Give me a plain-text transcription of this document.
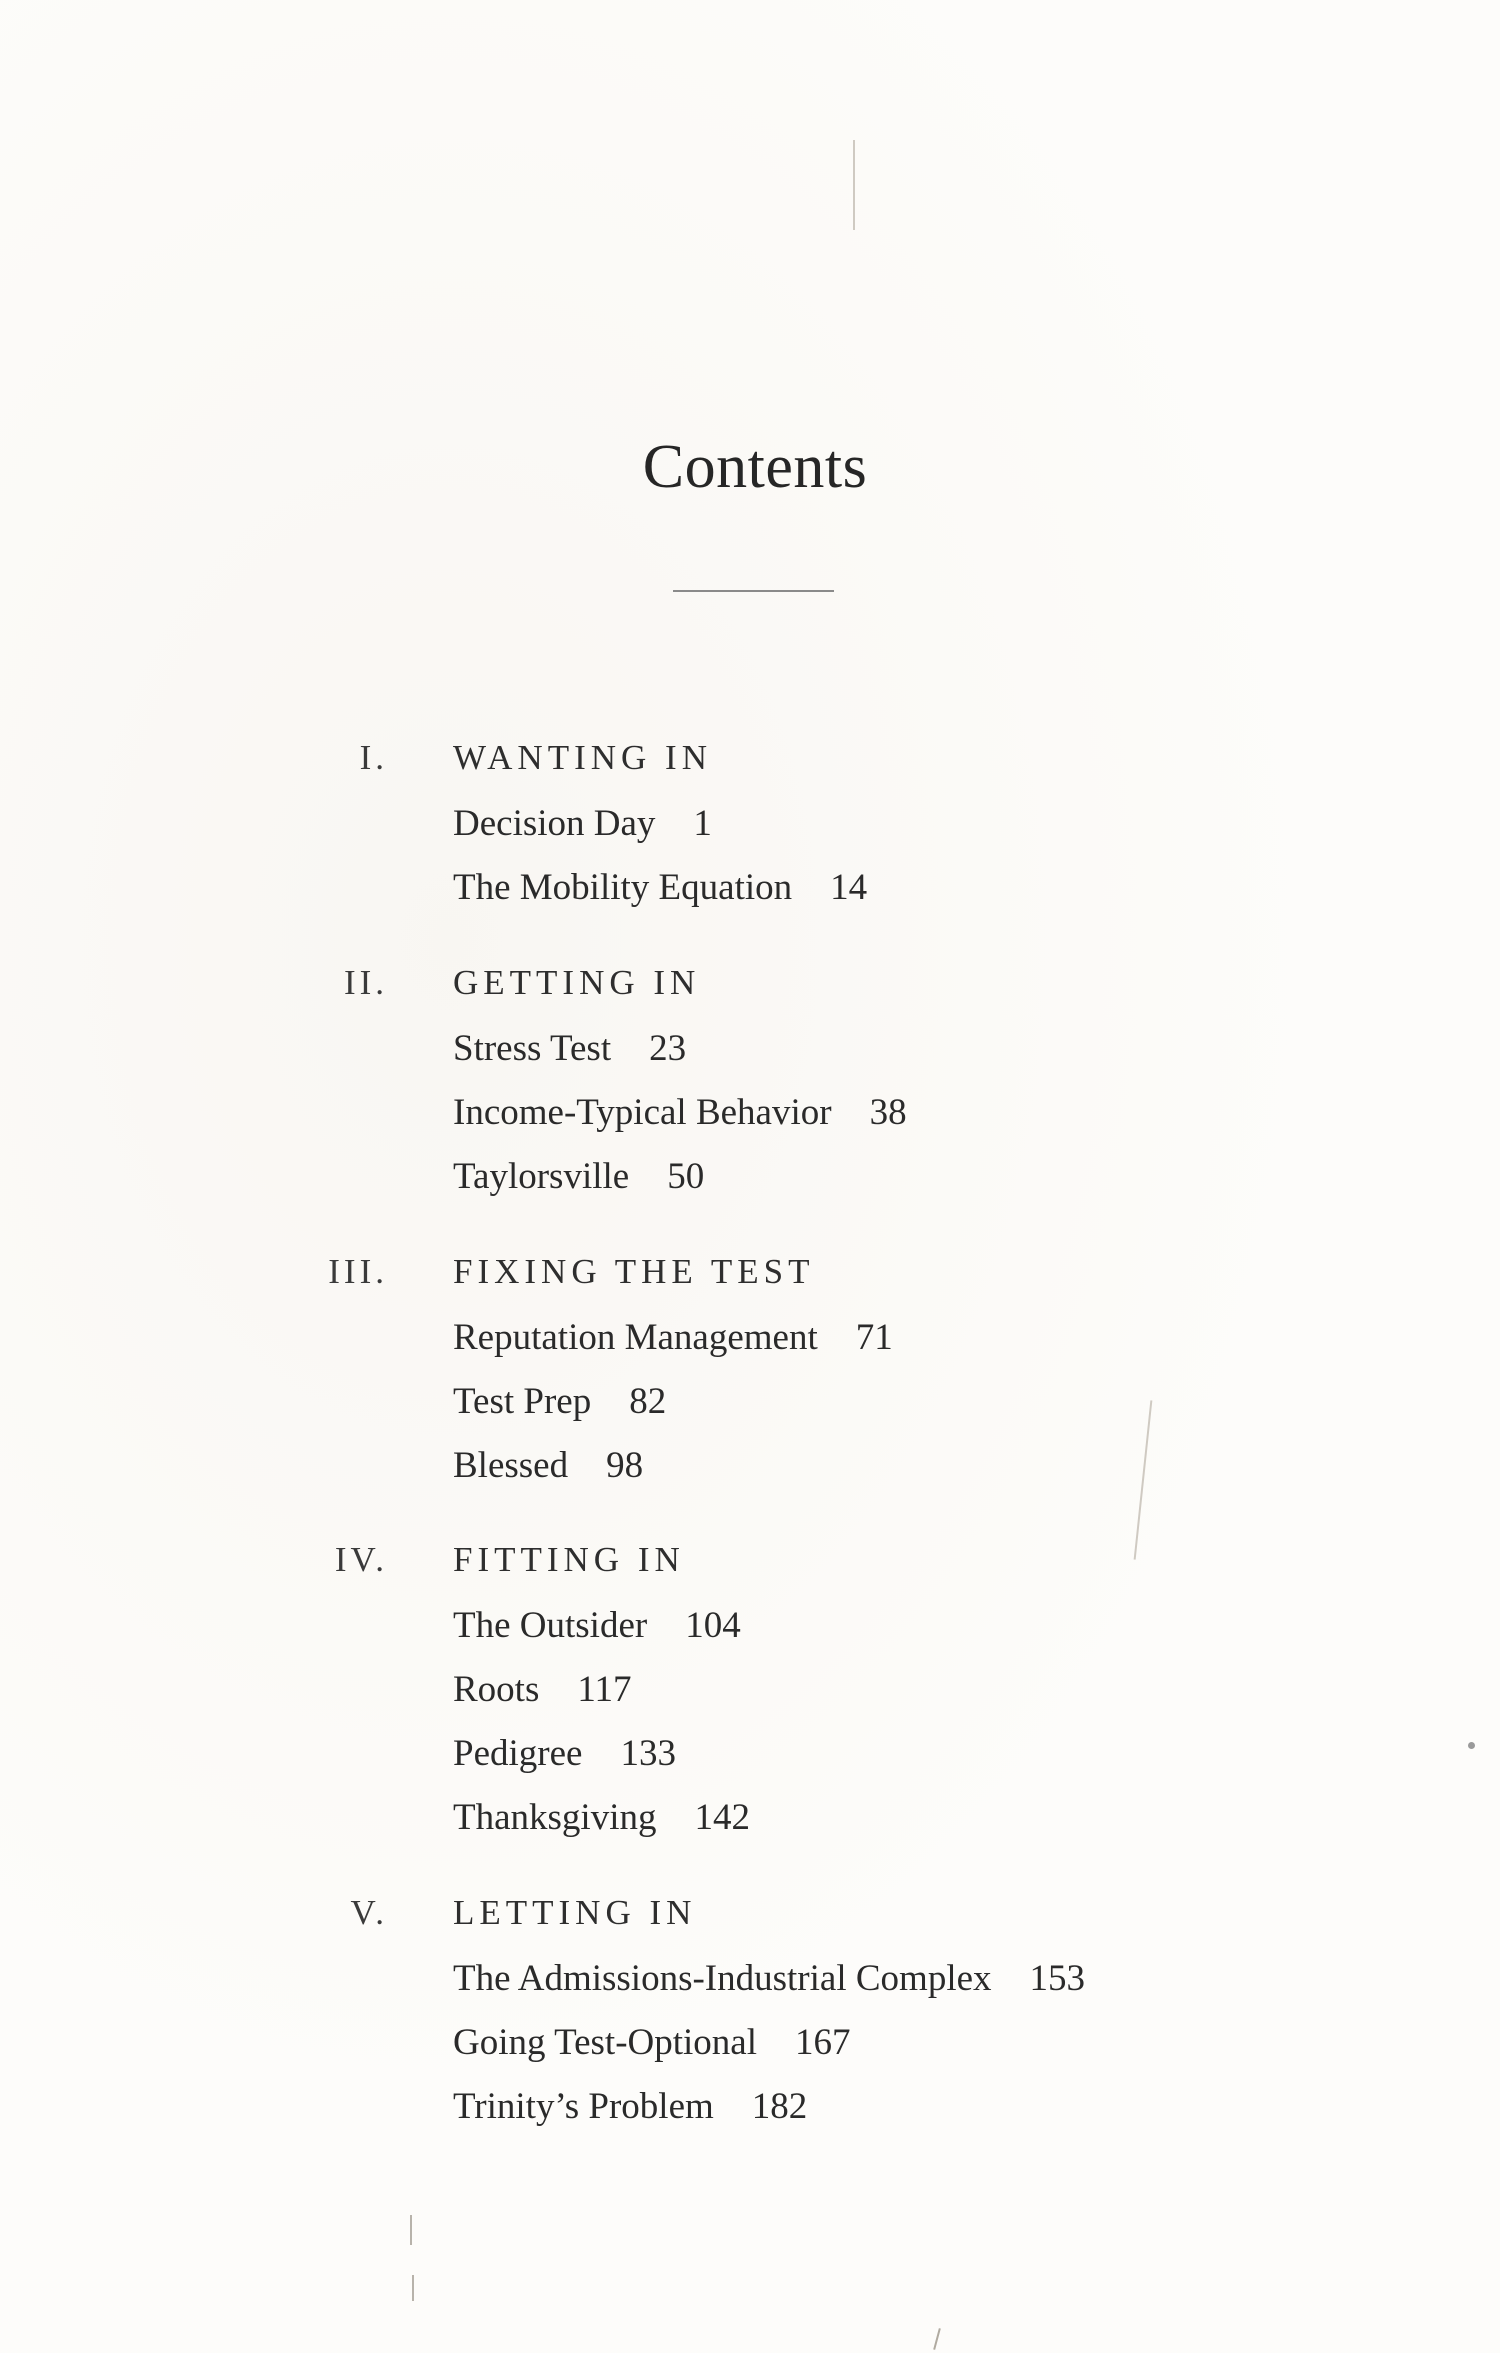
Contents
I. WANTING IN
Decision Day 1
The Mobility Equation 14
II. GETTING IN
Stress Test 23
Income-Typical Behavior 38
Taylorsville 50
III. FIXING THE TEST
Reputation Management 71
Test Prep 82
Blessed 98
IV. FITTING IN
The Outsider 104
Roots 117
Pedigree 133
Thanksgiving 142
V. LETTING IN
The Admissions-Industrial Complex 153
Going Test-Optional 167
Trinity’s Problem 182
